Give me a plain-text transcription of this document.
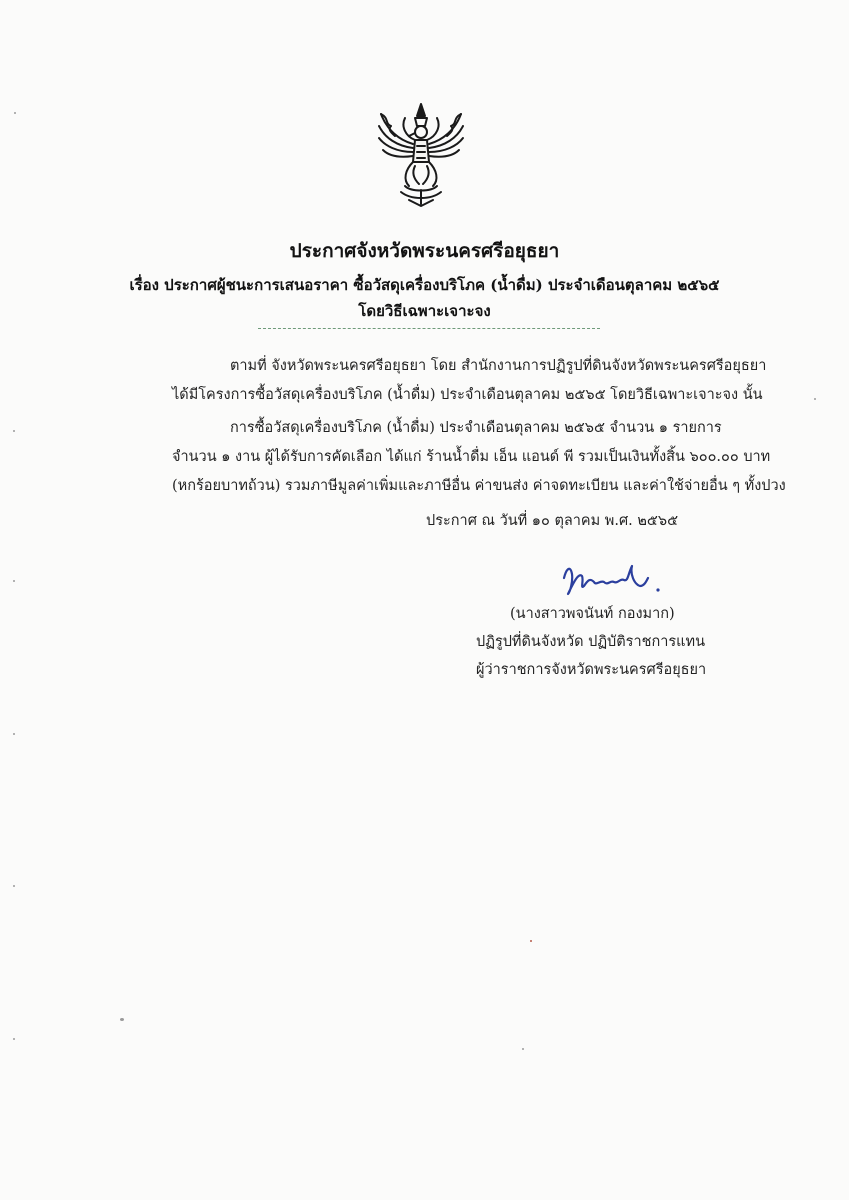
ประกาศจังหวัดพระนครศรีอยุธยา
เรื่อง ประกาศผู้ชนะการเสนอราคา ซื้อวัสดุเครื่องบริโภค (น้ำดื่ม) ประจำเดือนตุลาคม ๒๕๖๕
โดยวิธีเฉพาะเจาะจง
ตามที่ จังหวัดพระนครศรีอยุธยา โดย สำนักงานการปฏิรูปที่ดินจังหวัดพระนครศรีอยุธยา
ได้มีโครงการซื้อวัสดุเครื่องบริโภค (น้ำดื่ม) ประจำเดือนตุลาคม ๒๕๖๕ โดยวิธีเฉพาะเจาะจง นั้น
การซื้อวัสดุเครื่องบริโภค (น้ำดื่ม) ประจำเดือนตุลาคม ๒๕๖๕ จำนวน ๑ รายการ
จำนวน ๑ งาน ผู้ได้รับการคัดเลือก ได้แก่ ร้านน้ำดื่ม เอ็น แอนด์ พี รวมเป็นเงินทั้งสิ้น ๖๐๐.๐๐ บาท
(หกร้อยบาทถ้วน) รวมภาษีมูลค่าเพิ่มและภาษีอื่น ค่าขนส่ง ค่าจดทะเบียน และค่าใช้จ่ายอื่น ๆ ทั้งปวง
ประกาศ ณ วันที่ ๑๐ ตุลาคม พ.ศ. ๒๕๖๕
(นางสาวพจนันท์ กองมาก)
ปฏิรูปที่ดินจังหวัด ปฏิบัติราชการแทน
ผู้ว่าราชการจังหวัดพระนครศรีอยุธยา
